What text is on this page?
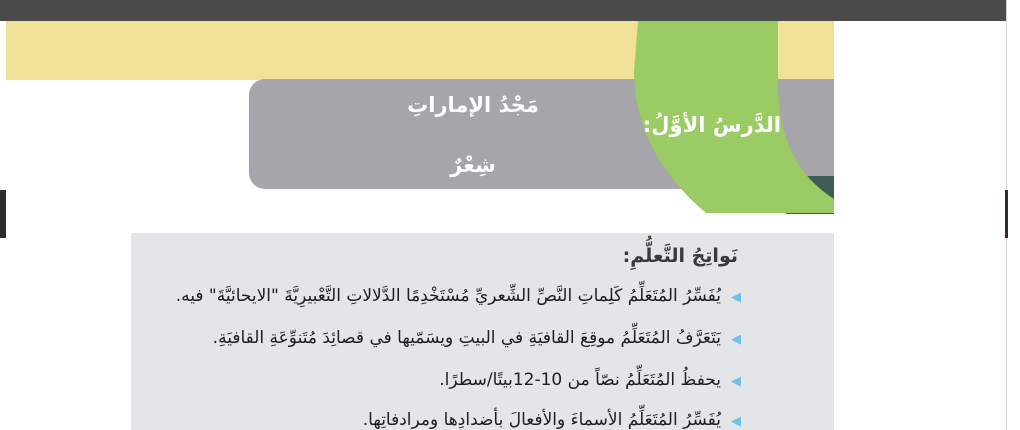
الدَّرسُ الأوَّلُ:
مَجْدُ الإماراتِ
شِعْرٌ
نَواتِجُ التَّعلُّمِ:
◀يُفَسِّرُ المُتَعَلِّمُ كَلِماتِ النَّصِّ الشِّعريِّ مُسْتَخْدِمًا الدَّلالاتِ التَّعْبيرِيَّةَ "الايحائيَّةَ" فيه.
◀يَتَعَرَّفُ المُتَعَلِّمُ موقِعَ القافيَةِ في البيتِ ويسَمّيها في قصائِدَ مُتَنوِّعَةِ القافيَةِ.
◀يحفظُ المُتَعَلِّمُ نصّاً من 10-12بيتًا/سطرًا.
◀يُفَسِّرُ المُتَعَلِّمُ الأسماءَ والأفعالَ بأضدادِها ومرادفاتِها.
